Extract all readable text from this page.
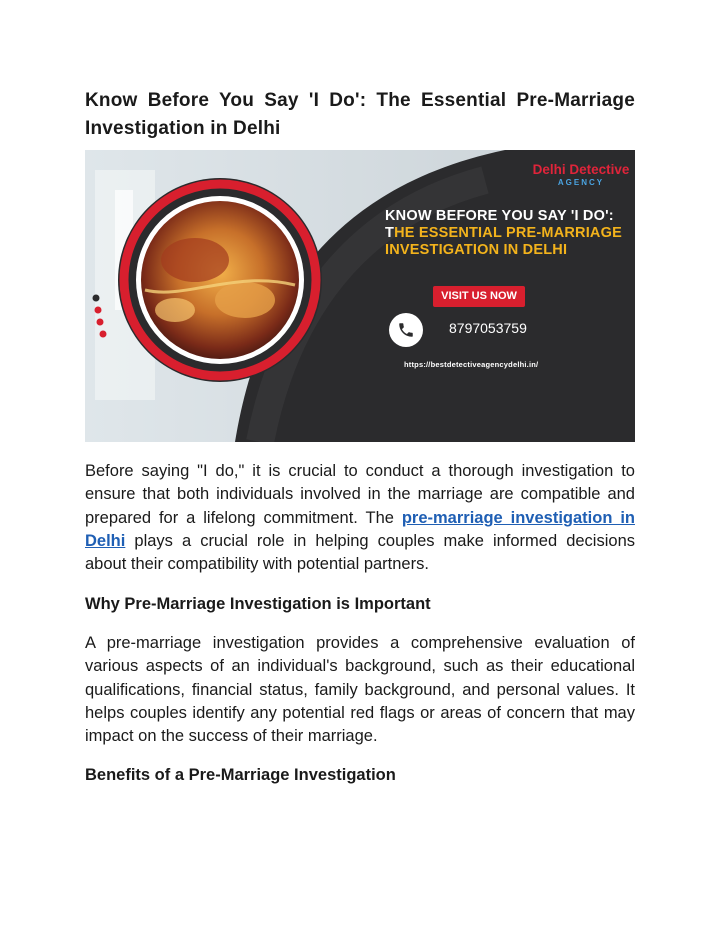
Know Before You Say 'I Do': The Essential Pre-Marriage
Investigation in Delhi
Delhi Detective
AGENCY
KNOW BEFORE YOU SAY 'I DO': THE ESSENTIAL PRE-MARRIAGE INVESTIGATION IN DELHI
VISIT US NOW
8797053759
https://bestdetectiveagencydelhi.in/
Before saying "I do," it is crucial to conduct a thorough investigation to ensure that both individuals involved in the marriage are compatible and prepared for a lifelong commitment. The pre-marriage investigation in Delhi plays a crucial role in helping couples make informed decisions about their compatibility with potential partners.
Why Pre-Marriage Investigation is Important
A pre-marriage investigation provides a comprehensive evaluation of various aspects of an individual's background, such as their educational qualifications, financial status, family background, and personal values. It helps couples identify any potential red flags or areas of concern that may impact on the success of their marriage.
Benefits of a Pre-Marriage Investigation
